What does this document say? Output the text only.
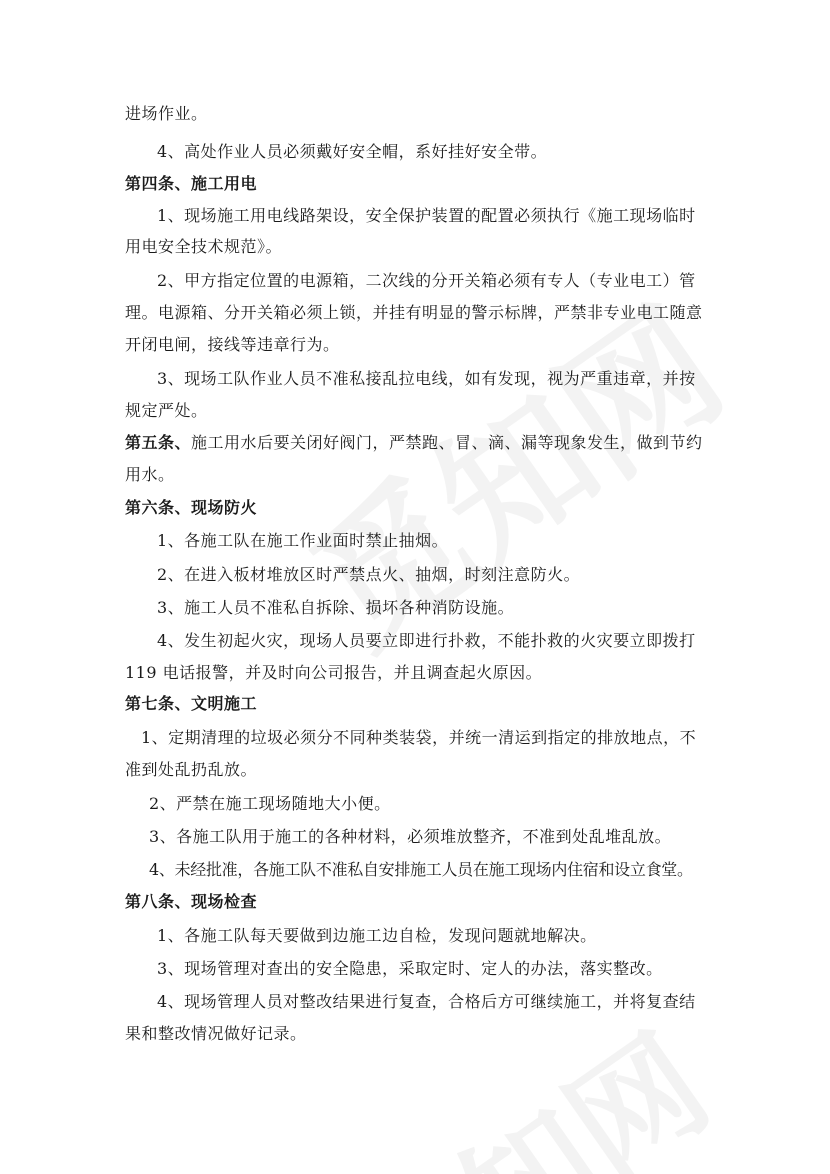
进场作业。
4、高处作业人员必须戴好安全帽，系好挂好安全带。
第四条、施工用电
1、现场施工用电线路架设，安全保护装置的配置必须执行《施工现场临时
用电安全技术规范》。
2、甲方指定位置的电源箱，二次线的分开关箱必须有专人（专业电工）管
理。电源箱、分开关箱必须上锁，并挂有明显的警示标牌，严禁非专业电工随意
开闭电闸，接线等违章行为。
3、现场工队作业人员不准私接乱拉电线，如有发现，视为严重违章，并按
规定严处。
第五条、施工用水后要关闭好阀门，严禁跑、冒、滴、漏等现象发生，做到节约
用水。
第六条、现场防火
1、各施工队在施工作业面时禁止抽烟。
2、在进入板材堆放区时严禁点火、抽烟，时刻注意防火。
3、施工人员不准私自拆除、损坏各种消防设施。
4、发生初起火灾，现场人员要立即进行扑救，不能扑救的火灾要立即拨打
119 电话报警，并及时向公司报告，并且调查起火原因。
第七条、文明施工
1、定期清理的垃圾必须分不同种类装袋，并统一清运到指定的排放地点，不
准到处乱扔乱放。
2、严禁在施工现场随地大小便。
3、各施工队用于施工的各种材料，必须堆放整齐，不准到处乱堆乱放。
4、未经批准，各施工队不准私自安排施工人员在施工现场内住宿和设立食堂。
第八条、现场检查
1、各施工队每天要做到边施工边自检，发现问题就地解决。
3、现场管理对查出的安全隐患，采取定时、定人的办法，落实整改。
4、现场管理人员对整改结果进行复查，合格后方可继续施工，并将复查结
果和整改情况做好记录。
